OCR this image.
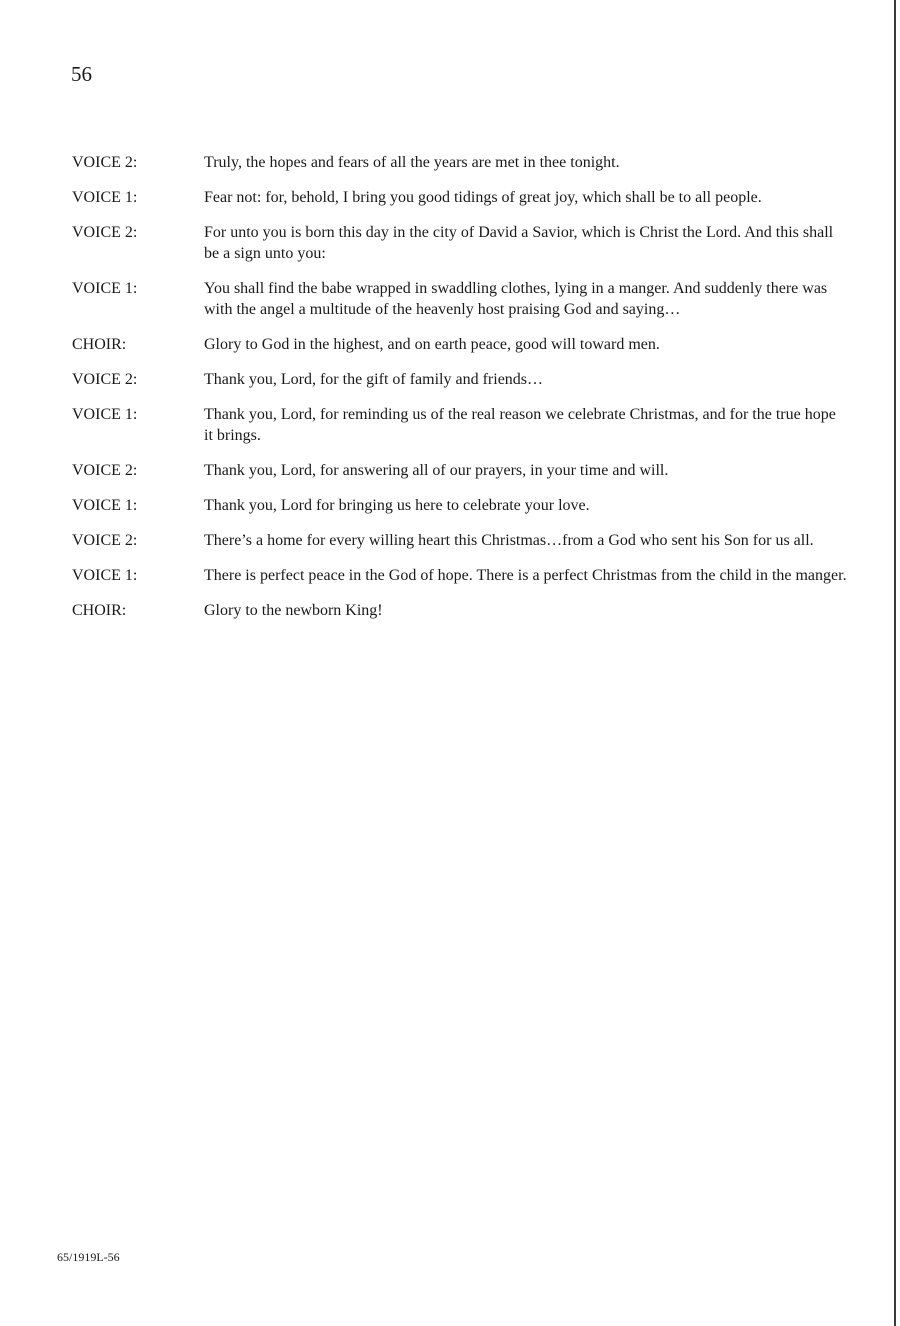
56
VOICE 2:	Truly, the hopes and fears of all the years are met in thee tonight.
VOICE 1:	Fear not: for, behold, I bring you good tidings of great joy, which shall be to all people.
VOICE 2:	For unto you is born this day in the city of David a Savior, which is Christ the Lord. And this shall be a sign unto you:
VOICE 1:	You shall find the babe wrapped in swaddling clothes, lying in a manger. And suddenly there was with the angel a multitude of the heavenly host praising God and saying…
CHOIR:	Glory to God in the highest, and on earth peace, good will toward men.
VOICE 2:	Thank you, Lord, for the gift of family and friends…
VOICE 1:	Thank you, Lord, for reminding us of the real reason we celebrate Christmas, and for the true hope it brings.
VOICE 2:	Thank you, Lord, for answering all of our prayers, in your time and will.
VOICE 1:	Thank you, Lord for bringing us here to celebrate your love.
VOICE 2:	There’s a home for every willing heart this Christmas…from a God who sent his Son for us all.
VOICE 1:	There is perfect peace in the God of hope. There is a perfect Christmas from the child in the manger.
CHOIR:	Glory to the newborn King!
65/1919L-56
